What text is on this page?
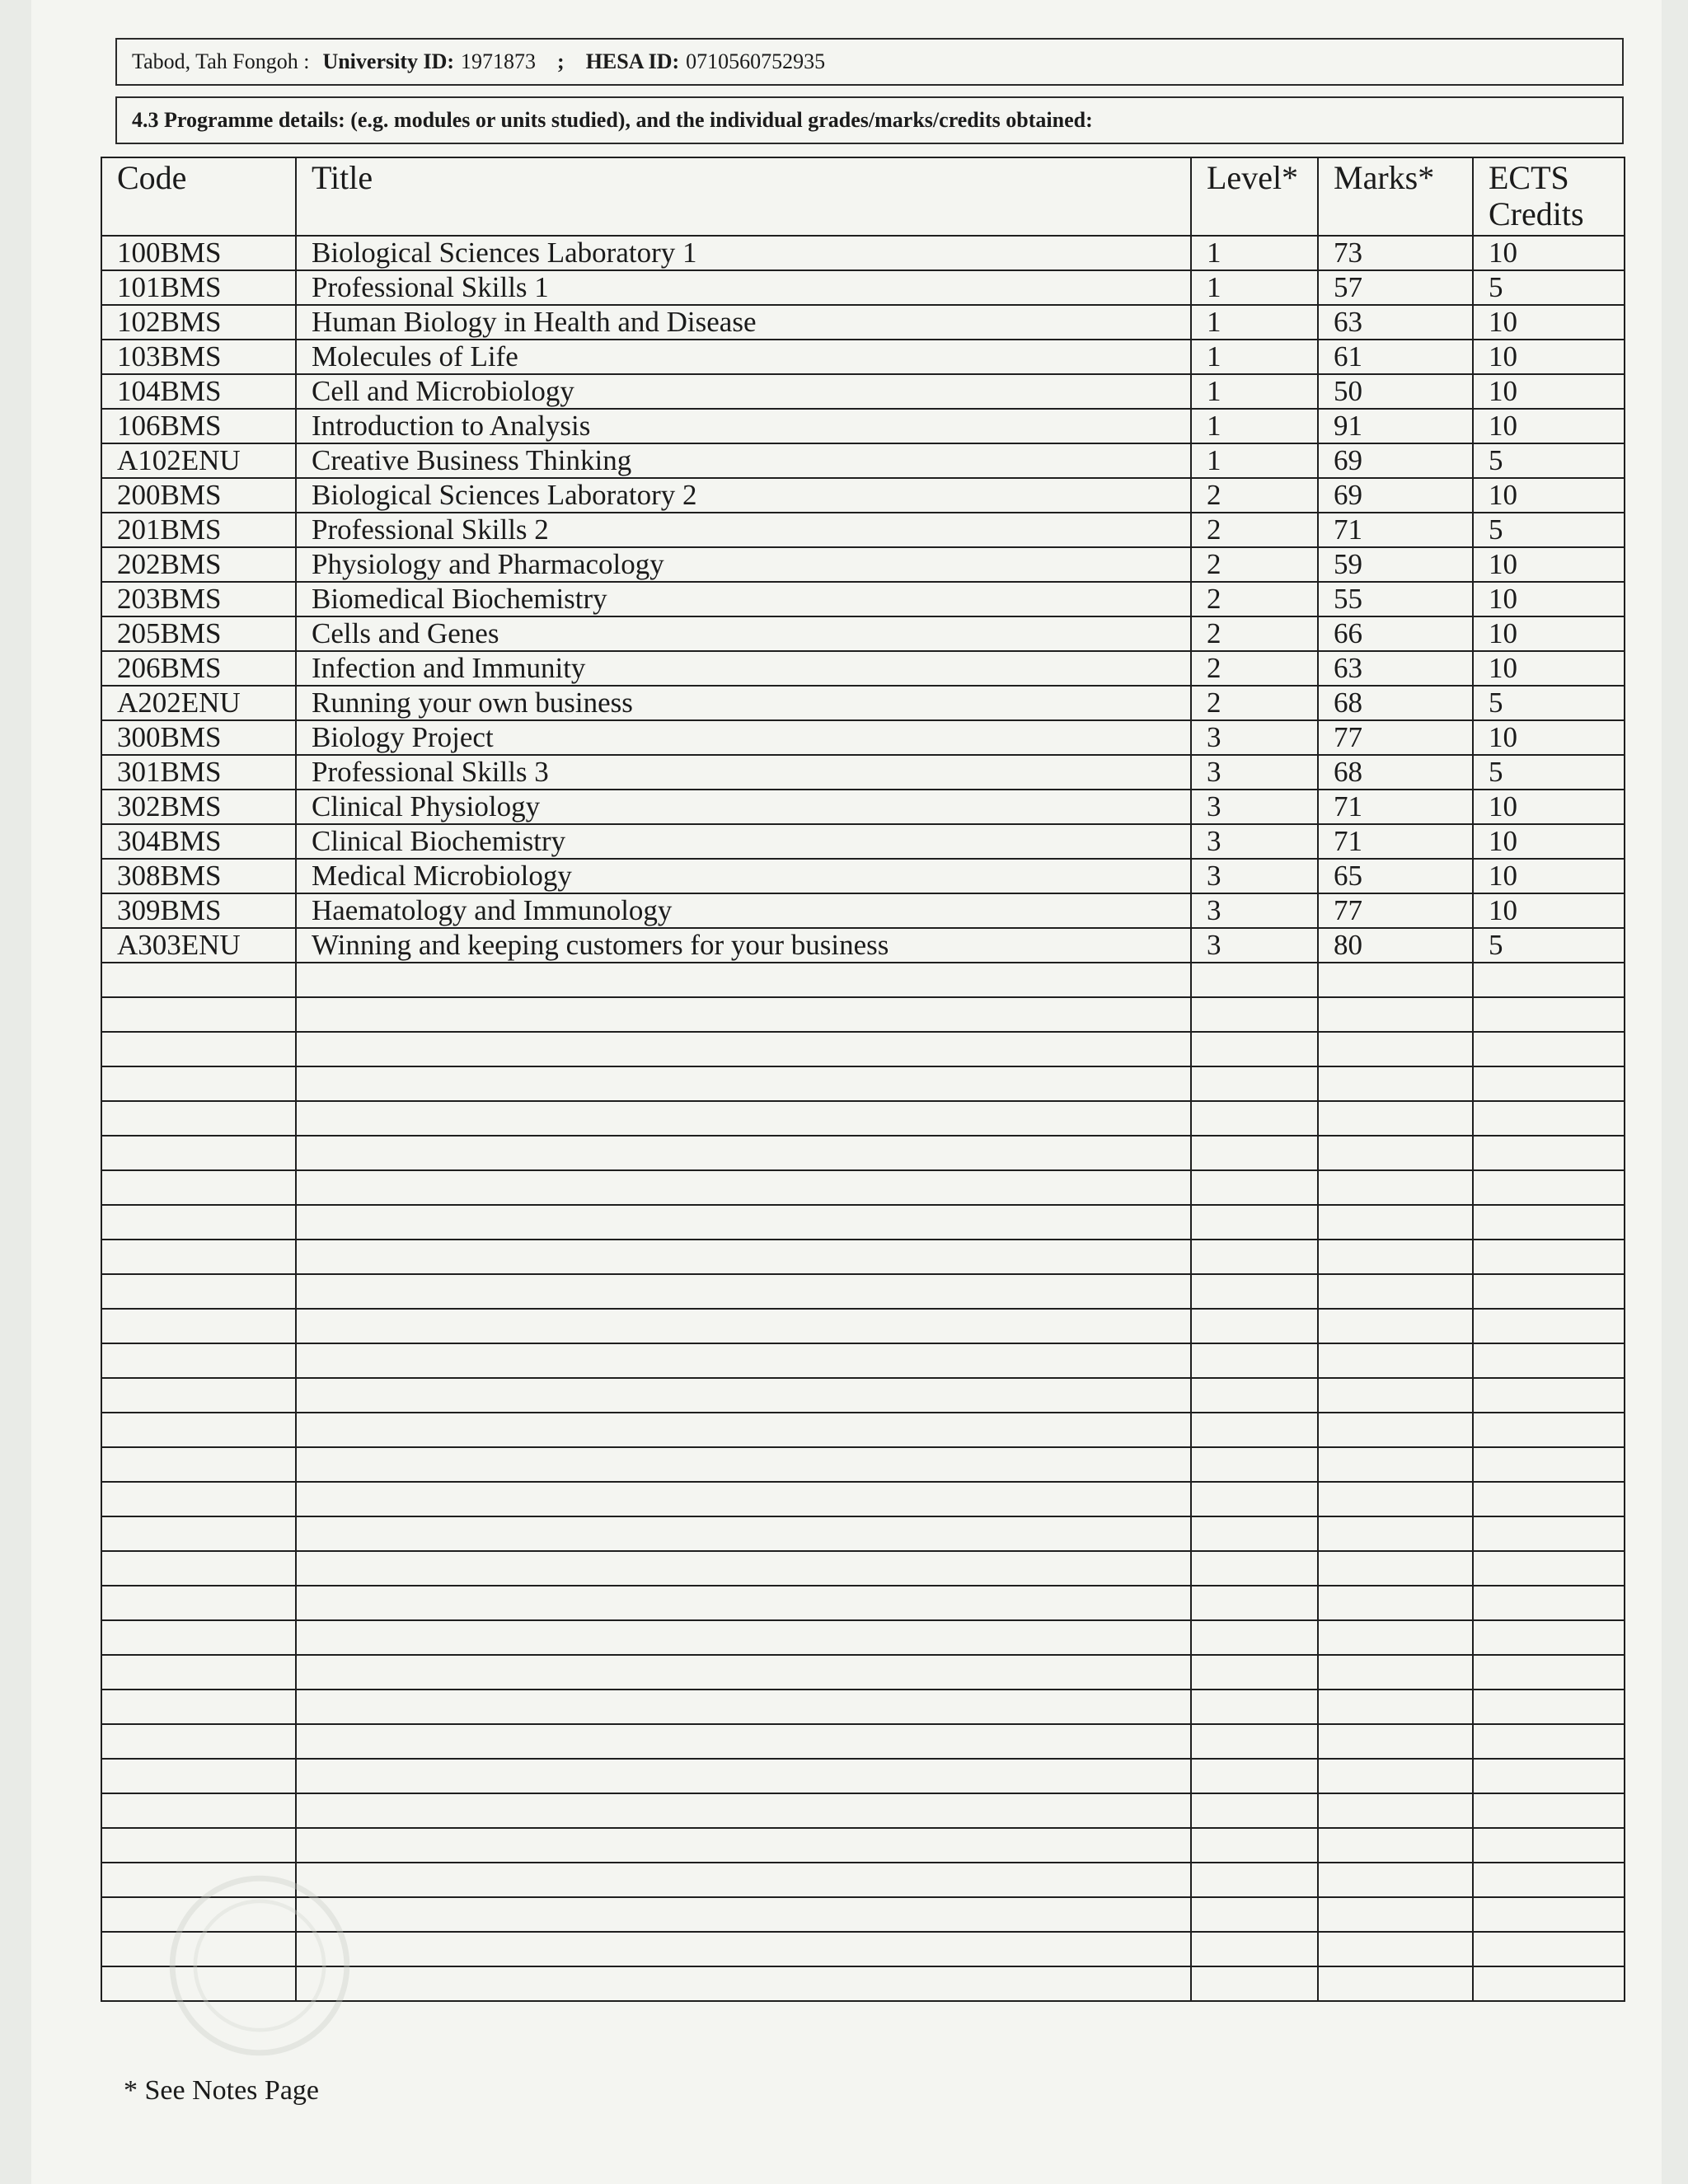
Tabod, Tah Fongoh : University ID: 1971873 ; HESA ID: 0710560752935
4.3 Programme details: (e.g. modules or units studied), and the individual grades/marks/credits obtained:
Code	Title	Level*	Marks*	ECTS Credits
100BMS	Biological Sciences Laboratory 1	1	73	10
101BMS	Professional Skills 1	1	57	5
102BMS	Human Biology in Health and Disease	1	63	10
103BMS	Molecules of Life	1	61	10
104BMS	Cell and Microbiology	1	50	10
106BMS	Introduction to Analysis	1	91	10
A102ENU	Creative Business Thinking	1	69	5
200BMS	Biological Sciences Laboratory 2	2	69	10
201BMS	Professional Skills 2	2	71	5
202BMS	Physiology and Pharmacology	2	59	10
203BMS	Biomedical Biochemistry	2	55	10
205BMS	Cells and Genes	2	66	10
206BMS	Infection and Immunity	2	63	10
A202ENU	Running your own business	2	68	5
300BMS	Biology Project	3	77	10
301BMS	Professional Skills 3	3	68	5
302BMS	Clinical Physiology	3	71	10
304BMS	Clinical Biochemistry	3	71	10
308BMS	Medical Microbiology	3	65	10
309BMS	Haematology and Immunology	3	77	10
A303ENU	Winning and keeping customers for your business	3	80	5

* See Notes Page
